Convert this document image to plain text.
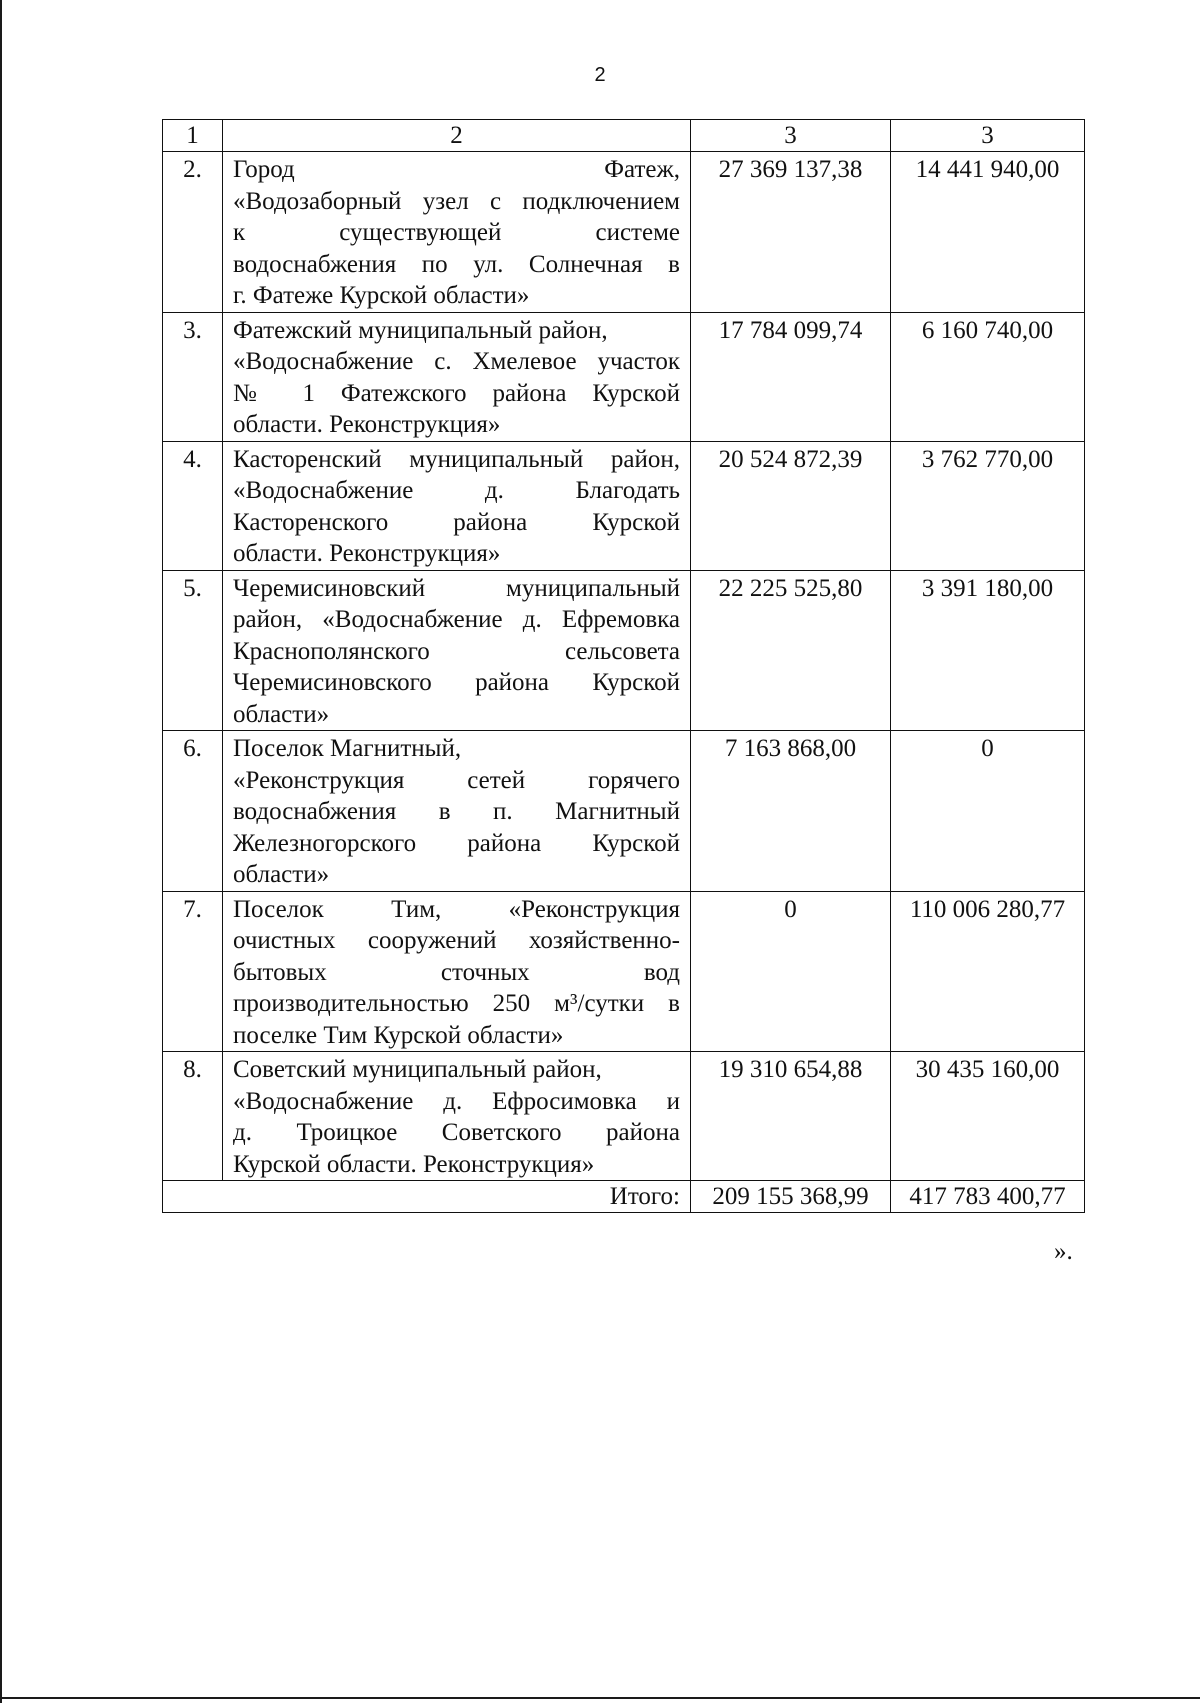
2
1	2	3	3
2.	Город Фатеж,
«Водозаборный узел с подключением
к существующей системе
водоснабжения по ул. Солнечная в
г. Фатеже Курской области»	27 369 137,38	14 441 940,00
3.	Фатежский муниципальный район,
«Водоснабжение с. Хмелевое участок
№ 1 Фатежского района Курской
области. Реконструкция»	17 784 099,74	6 160 740,00
4.	Касторенский муниципальный район,
«Водоснабжение д. Благодать
Касторенского района Курской
области. Реконструкция»	20 524 872,39	3 762 770,00
5.	Черемисиновский муниципальный
район, «Водоснабжение д. Ефремовка
Краснополянского сельсовета
Черемисиновского района Курской
области»	22 225 525,80	3 391 180,00
6.	Поселок Магнитный,
«Реконструкция сетей горячего
водоснабжения в п. Магнитный
Железногорского района Курской
области»	7 163 868,00	0
7.	Поселок Тим, «Реконструкция
очистных сооружений хозяйственно-
бытовых сточных вод
производительностью 250 м³/сутки в
поселке Тим Курской области»	0	110 006 280,77
8.	Советский муниципальный район,
«Водоснабжение д. Ефросимовка и
д. Троицкое Советского района
Курской области. Реконструкция»	19 310 654,88	30 435 160,00
Итого:		209 155 368,99	417 783 400,77
».
